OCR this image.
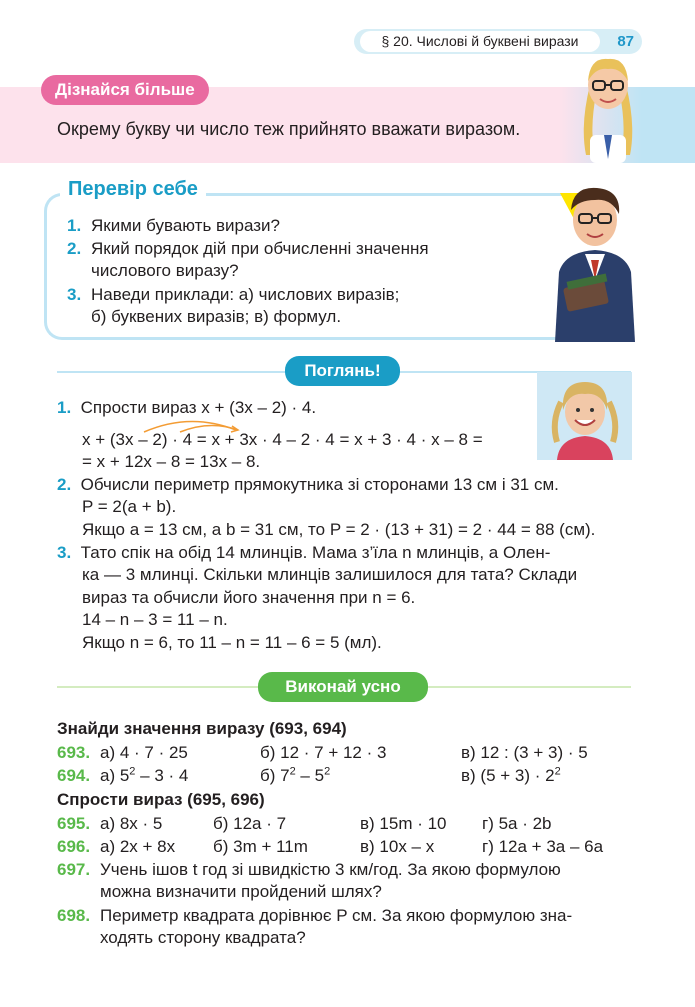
§ 20. Числові й буквені вирази	87
Дізнайся більше
Окрему букву чи число теж прийнято вважати виразом.
Перевір себе
1. Якими бувають вирази?
2. Який порядок дій при обчисленні значення
числового виразу?
3. Наведи приклади: а) числових виразів;
б) буквених виразів; в) формул.
Поглянь!
1. Спрости вираз x + (3x – 2) · 4.
x + (3x – 2) · 4 = x + 3x · 4 – 2 · 4 = x + 3 · 4 · x – 8 =
= x + 12x – 8 = 13x – 8.
2. Обчисли периметр прямокутника зі сторонами 13 см і 31 см.
P = 2(a + b).
Якщо a = 13 см, а b = 31 см, то P = 2 · (13 + 31) = 2 · 44 = 88 (см).
3. Тато спік на обід 14 млинців. Мама з’їла n млинців, а Олен-
ка — 3 млинці. Скільки млинців залишилося для тата? Склади
вираз та обчисли його значення при n = 6.
14 – n – 3 = 11 – n.
Якщо n = 6, то 11 – n = 11 – 6 = 5 (мл).
Виконай усно
Знайди значення виразу (693, 694)
693. а) 4 · 7 · 25	б) 12 · 7 + 12 · 3	в) 12 : (3 + 3) · 5
694. а) $5^2 - 3 \cdot 4$	б) $7^2 - 5^2$	в) $(5 + 3) \cdot 2^2$
Спрости вираз (695, 696)
695. а) 8x · 5	б) 12a · 7	в) 15m · 10 г) 5a · 2b
696. а) 2x + 8x б) 3m + 11m	в) 10x – x	г) 12a + 3a – 6a
697. Учень ішов t год зі швидкістю 3 км/год. За якою формулою
можна визначити пройдений шлях?
698. Периметр квадрата дорівнює P см. За якою формулою зна-
ходять сторону квадрата?
